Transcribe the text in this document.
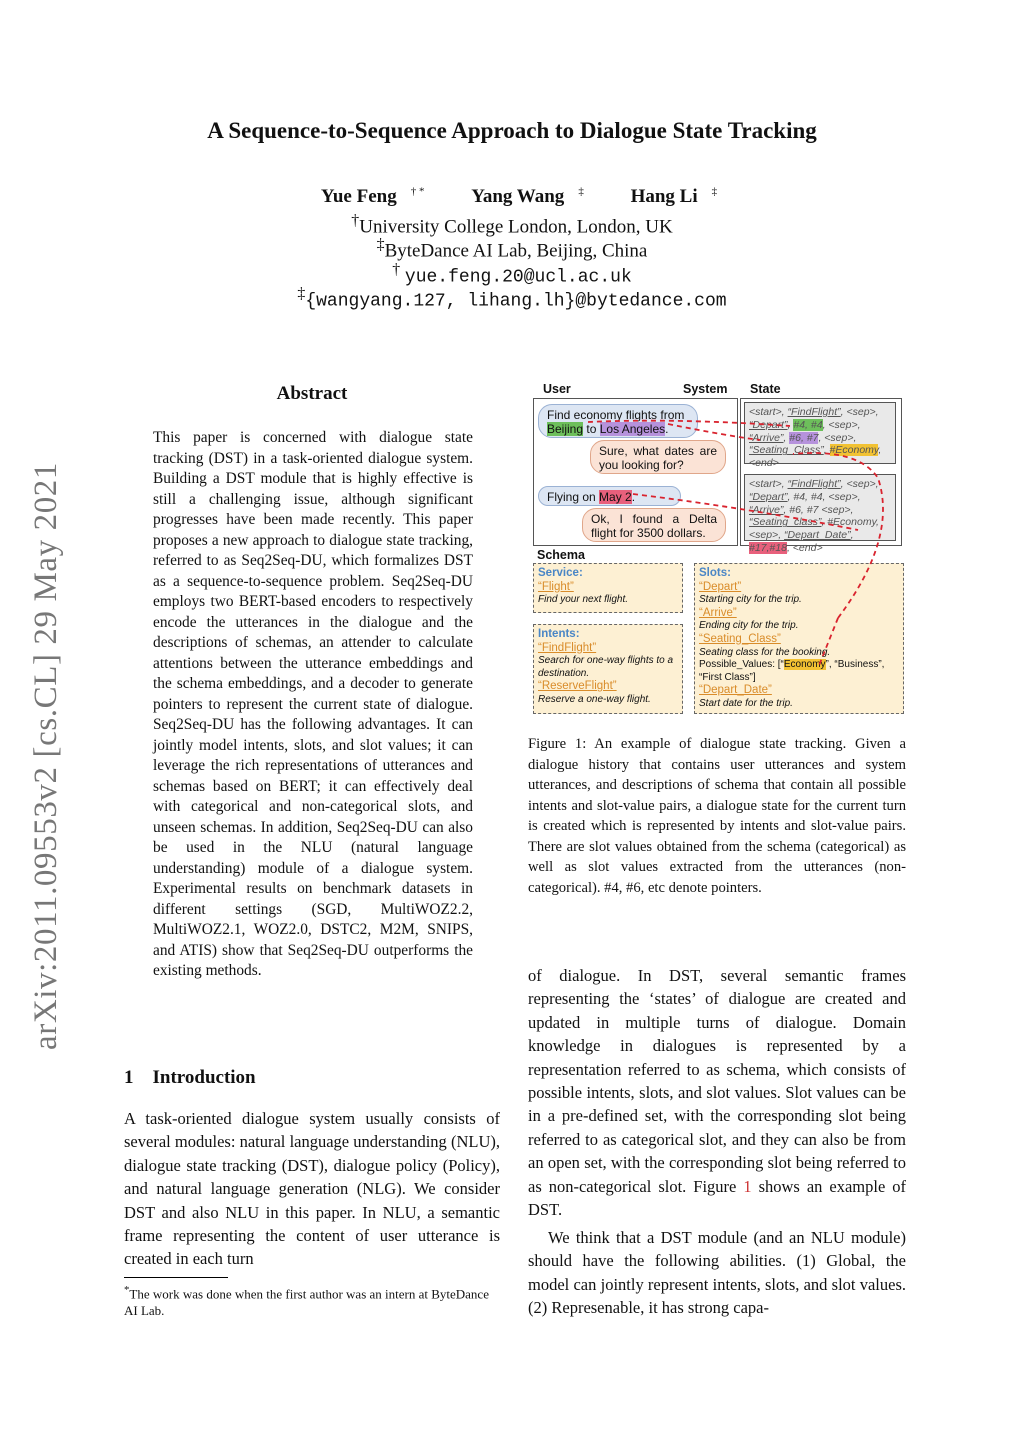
A Sequence-to-Sequence Approach to Dialogue State Tracking
Yue Feng † * Yang Wang ‡ Hang Li ‡
†University College London, London, UK
‡ByteDance AI Lab, Beijing, China
† yue.feng.20@ucl.ac.uk
‡{wangyang.127, lihang.lh}@bytedance.com
arXiv:2011.09553v2 [cs.CL] 29 May 2021
Abstract
This paper is concerned with dialogue state tracking (DST) in a task-oriented dialogue system. Building a DST module that is highly effective is still a challenging issue, although significant progresses have been made recently. This paper proposes a new approach to dialogue state tracking, referred to as Seq2Seq-DU, which formalizes DST as a sequence-to-sequence problem. Seq2Seq-DU employs two BERT-based encoders to respectively encode the utterances in the dialogue and the descriptions of schemas, an attender to calculate attentions between the utterance embeddings and the schema embeddings, and a decoder to generate pointers to represent the current state of dialogue. Seq2Seq-DU has the following advantages. It can jointly model intents, slots, and slot values; it can leverage the rich representations of utterances and schemas based on BERT; it can effectively deal with categorical and non-categorical slots, and unseen schemas. In addition, Seq2Seq-DU can also be used in the NLU (natural language understanding) module of a dialogue system. Experimental results on benchmark datasets in different settings (SGD, MultiWOZ2.2, MultiWOZ2.1, WOZ2.0, DSTC2, M2M, SNIPS, and ATIS) show that Seq2Seq-DU outperforms the existing methods.
1 Introduction
A task-oriented dialogue system usually consists of several modules: natural language understanding (NLU), dialogue state tracking (DST), dialogue policy (Policy), and natural language generation (NLG). We consider DST and also NLU in this paper. In NLU, a semantic frame representing the content of user utterance is created in each turn
*The work was done when the first author was an intern at ByteDance AI Lab.
User	System State
Find economy flights from
Beijing to Los Angeles.
Sure, what dates are you looking for?
Flying on May 2.
Ok, I found a Delta flight for 3500 dollars.
<start>, “FindFlight”, <sep>, “Depart”, #4, #4, <sep>, “Arrive”, #6, #7, <sep>, “Seating_Class”, #Economy, <end>
<start>, “FindFlight”, <sep>, “Depart”, #4, #4, <sep>, “Arrive”, #6, #7 <sep>, “Seating_class”, #Economy, <sep>, “Depart_Date”, #17,#18, <end>
Schema
Service:
“Flight”
Find your next flight.
Intents:
“FindFlight”
Search for one-way flights to a destination.
“ReserveFlight”
Reserve a one-way flight.
Slots:
“Depart”
Starting city for the trip.
“Arrive”
Ending city for the trip.
“Seating_Class”
Seating class for the booking.
Possible_Values: [“Economy”, “Business”, “First Class”]
“Depart_Date”
Start date for the trip.
Figure 1: An example of dialogue state tracking. Given a dialogue history that contains user utterances and system utterances, and descriptions of schema that contain all possible intents and slot-value pairs, a dialogue state for the current turn is created which is represented by intents and slot-value pairs. There are slot values obtained from the schema (categorical) as well as slot values extracted from the utterances (non-categorical). #4, #6, etc denote pointers.
of dialogue. In DST, several semantic frames representing the ‘states’ of dialogue are created and updated in multiple turns of dialogue. Domain knowledge in dialogues is represented by a representation referred to as schema, which consists of possible intents, slots, and slot values. Slot values can be in a pre-defined set, with the corresponding slot being referred to as categorical slot, and they can also be from an open set, with the corresponding slot being referred to as non-categorical slot. Figure 1 shows an example of DST.
We think that a DST module (and an NLU module) should have the following abilities. (1) Global, the model can jointly represent intents, slots, and slot values. (2) Represenable, it has strong capa-
